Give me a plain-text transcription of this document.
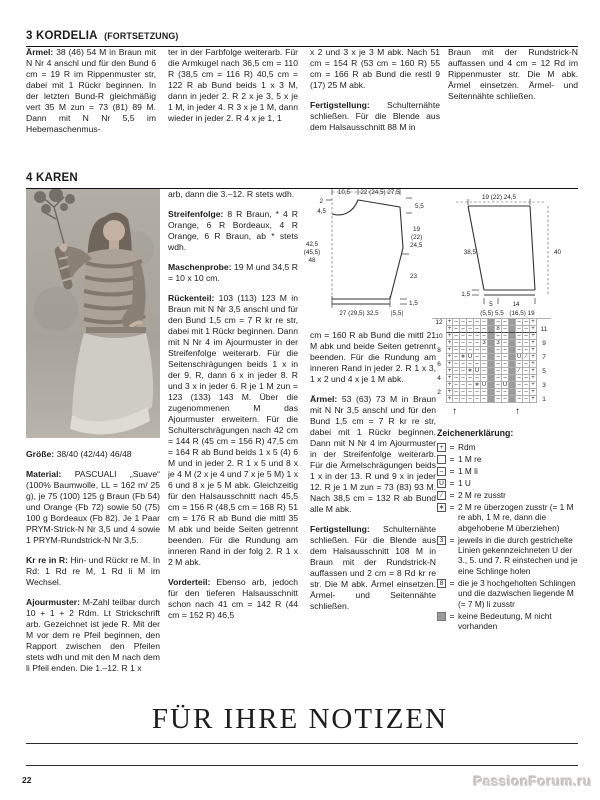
3 KORDELIA (FORTSETZUNG)

Ärmel: 38 (46) 54 M in Braun mit N Nr 4 anschl und für den Bund 6 cm = 19 R im Rippenmuster str, dabei mit 1 Rückr beginnen. In der letzten Bund-R gleichmäßig vert 35 M zun = 73 (81) 89 M. Dann mit N Nr 5,5 im Hebemaschenmus-

ter in der Farbfolge weiterarb. Für die Armkugel nach 36,5 cm = 110 R (38,5 cm = 116 R) 40,5 cm = 122 R ab Bund beids 1 x 3 M, dann in jeder 2. R 2 x je 3, 5 x je 1 M, in jeder 4. R 3 x je 1 M, dann wieder in jeder 2. R 4 x je 1, 1

x 2 und 3 x je 3 M abk. Nach 51 cm = 154 R (53 cm = 160 R) 55 cm = 166 R ab Bund die restl 9 (17) 25 M abk.

Fertigstellung: Schulternähte schließen. Für die Blende aus dem Halsausschnitt 88 M in

Braun mit der Rundstrick-N auffassen und 4 cm = 12 Rd im Rippenmuster str. Die M abk. Ärmel einsetzen. Ärmel- und Seitennähte schließen.

4 KAREN

Größe: 38/40 (42/44) 46/48

Material: PASCUALI „Suave“ (100% Baumwolle, LL = 162 m/ 25 g), je 75 (100) 125 g Braun (Fb 54) und Orange (Fb 72) sowie 50 (75) 100 g Bordeaux (Fb 82). Je 1 Paar PRYM-Strick-N Nr 3,5 und 4 sowie 1 PRYM-Rundstrick-N Nr 3,5.

Kr re in R: Hin- und Rückr re M. In Rd: 1 Rd re M, 1 Rd li M im Wechsel.

Ajourmuster: M-Zahl teilbar durch 10 + 1 + 2 Rdm. Lt Strickschrift arb. Gezeichnet ist jede R. Mit der M vor dem re Pfeil beginnen, den Rapport zwischen den Pfeilen stets wdh und mit den M nach dem li Pfeil enden. Die 1.–12. R 1 x

arb, dann die 3.–12. R stets wdh.

Streifenfolge: 8 R Braun, * 4 R Orange, 6 R Bordeaux, 4 R Orange, 6 R Braun, ab * stets wdh.

Maschenprobe: 19 M und 34,5 R = 10 x 10 cm.

Rückenteil: 103 (113) 123 M in Braun mit N Nr 3,5 anschl und für den Bund 1,5 cm = 7 R kr re str, dabei mit 1 Rückr beginnen. Dann mit N Nr 4 im Ajourmuster in der Streifenfolge weiterarb. Für die Seitenschrägungen beids 1 x in der 9. R, dann 6 x in jeder 8. R und 3 x in jeder 6. R je 1 M zun = 123 (133) 143 M. Über die zugenommenen M das Ajourmuster erweitern. Für die Schulterschrägungen nach 42 cm = 144 R (45 cm = 156 R) 47,5 cm = 164 R ab Bund beids 1 x 5 (4) 6 M und in jeder 2. R 1 x 5 und 8 x je 4 M (2 x je 4 und 7 x je 5 M) 1 x 6 und 8 x je 5 M abk. Gleichzeitig für den Halsausschnitt nach 45,5 cm = 156 R (48,5 cm = 168 R) 51 cm = 176 R ab Bund die mittl 35 M abk und beide Seiten getrennt beenden. Für die Rundung am inneren Rand in der folg 2. R 1 x 2 M abk.

Vorderteil: Ebenso arb, jedoch für den tieferen Halsausschnitt schon nach 41 cm = 142 R (44 cm = 152 R) 46,5

cm = 160 R ab Bund die mittl 21 M abk und beide Seiten getrennt beenden. Für die Rundung am inneren Rand in jeder 2. R 1 x 3, 1 x 2 und 4 x je 1 M abk.

Ärmel: 53 (63) 73 M in Braun mit N Nr 3,5 anschl und für den Bund 1,5 cm = 7 R kr re str, dabei mit 1 Rückr beginnen. Dann mit N Nr 4 im Ajourmuster in der Streifenfolge weiterarb. Für die Ärmelschrägungen beids 1 x in der 13. R und 9 x in jeder 12. R je 1 M zun = 73 (83) 93 M. Nach 38,5 cm = 132 R ab Bund alle M abk.

Fertigstellung: Schulternähte schließen. Für die Blende aus dem Halsausschnitt 108 M in Braun mit der Rundstrick-N auffassen und 2 cm = 8 Rd kr re str. Die M abk. Ärmel einsetzen. Ärmel- und Seitennähte schließen.

10,5 22 (24,5) 27,5
2
4,5
42,5
(45,5)
48
5,5
19
(22)
24,5
23
1,5
27 (29,5) 32,5 |5,5|
19 (22) 24,5
38,5	40
1,5
5	14
(5,5) 5,5 (16,5) 19
12 + – – – – –	– –	– – +
+ – – – – –	8 –	– – + 11
10 + – – – – –	– –	– – +
+ – – – – 3	3 –	– – +	9
8	+ – – – – –	– –	– – +
+ – ∗ U – –	– –	U ∕ +	7
6	+ – – – – –	– –	– – +
+ – – ∗ U –	– –	∕ – +	5
4	+ – – – – –	– –	– – +
+ – – – ∗ U	– U	– – +	3
2	+ – – – – –	– –	– – +
+ – – – – –	– –	– – +	1
↑	↑
Zeichenerklärung:
+ = Rdm
= 1 M re
– = 1 M li
U = 1 U
∕ = 2 M re zusstr
∗ = 2 M re überzogen zusstr (= 1 M re abh, 1 M re, dann die abgehobene M überziehen)
3 = jeweils in die durch gestrichelte Linien gekennzeichneten U der 3., 5. und 7. R einstechen und je eine Schlinge holen
8 = die je 3 hochgeholten Schlingen und die dazwischen liegende M (= 7 M) li zusstr
= keine Bedeutung, M nicht vorhanden
FÜR IHRE NOTIZEN
22	PassionForum.ru
